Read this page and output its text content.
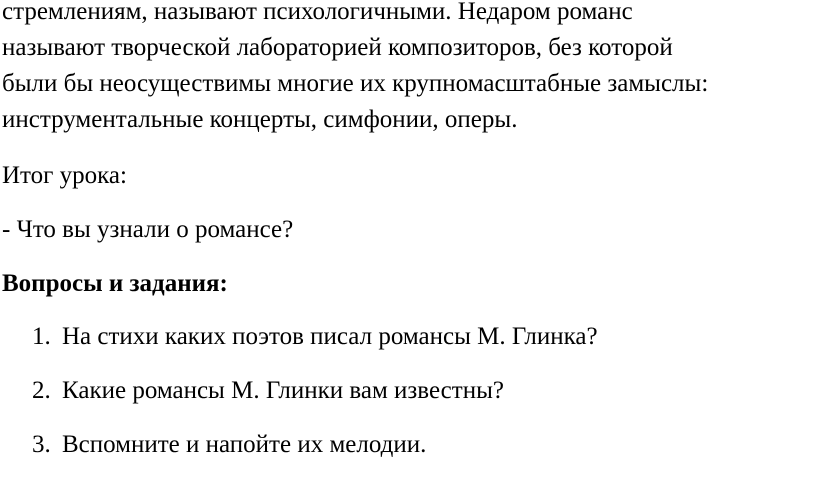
стремлениям, называют психологичными. Недаром романс
называют творческой лабораторией композиторов, без которой
были бы неосуществимы многие их крупномасштабные замыслы:
инструментальные концерты, симфонии, оперы.

Итог урока:

- Что вы узнали о романсе?

Вопросы и задания:

1. На стихи каких поэтов писал романсы М. Глинка?
2. Какие романсы М. Глинки вам известны?
3. Вспомните и напойте их мелодии.
